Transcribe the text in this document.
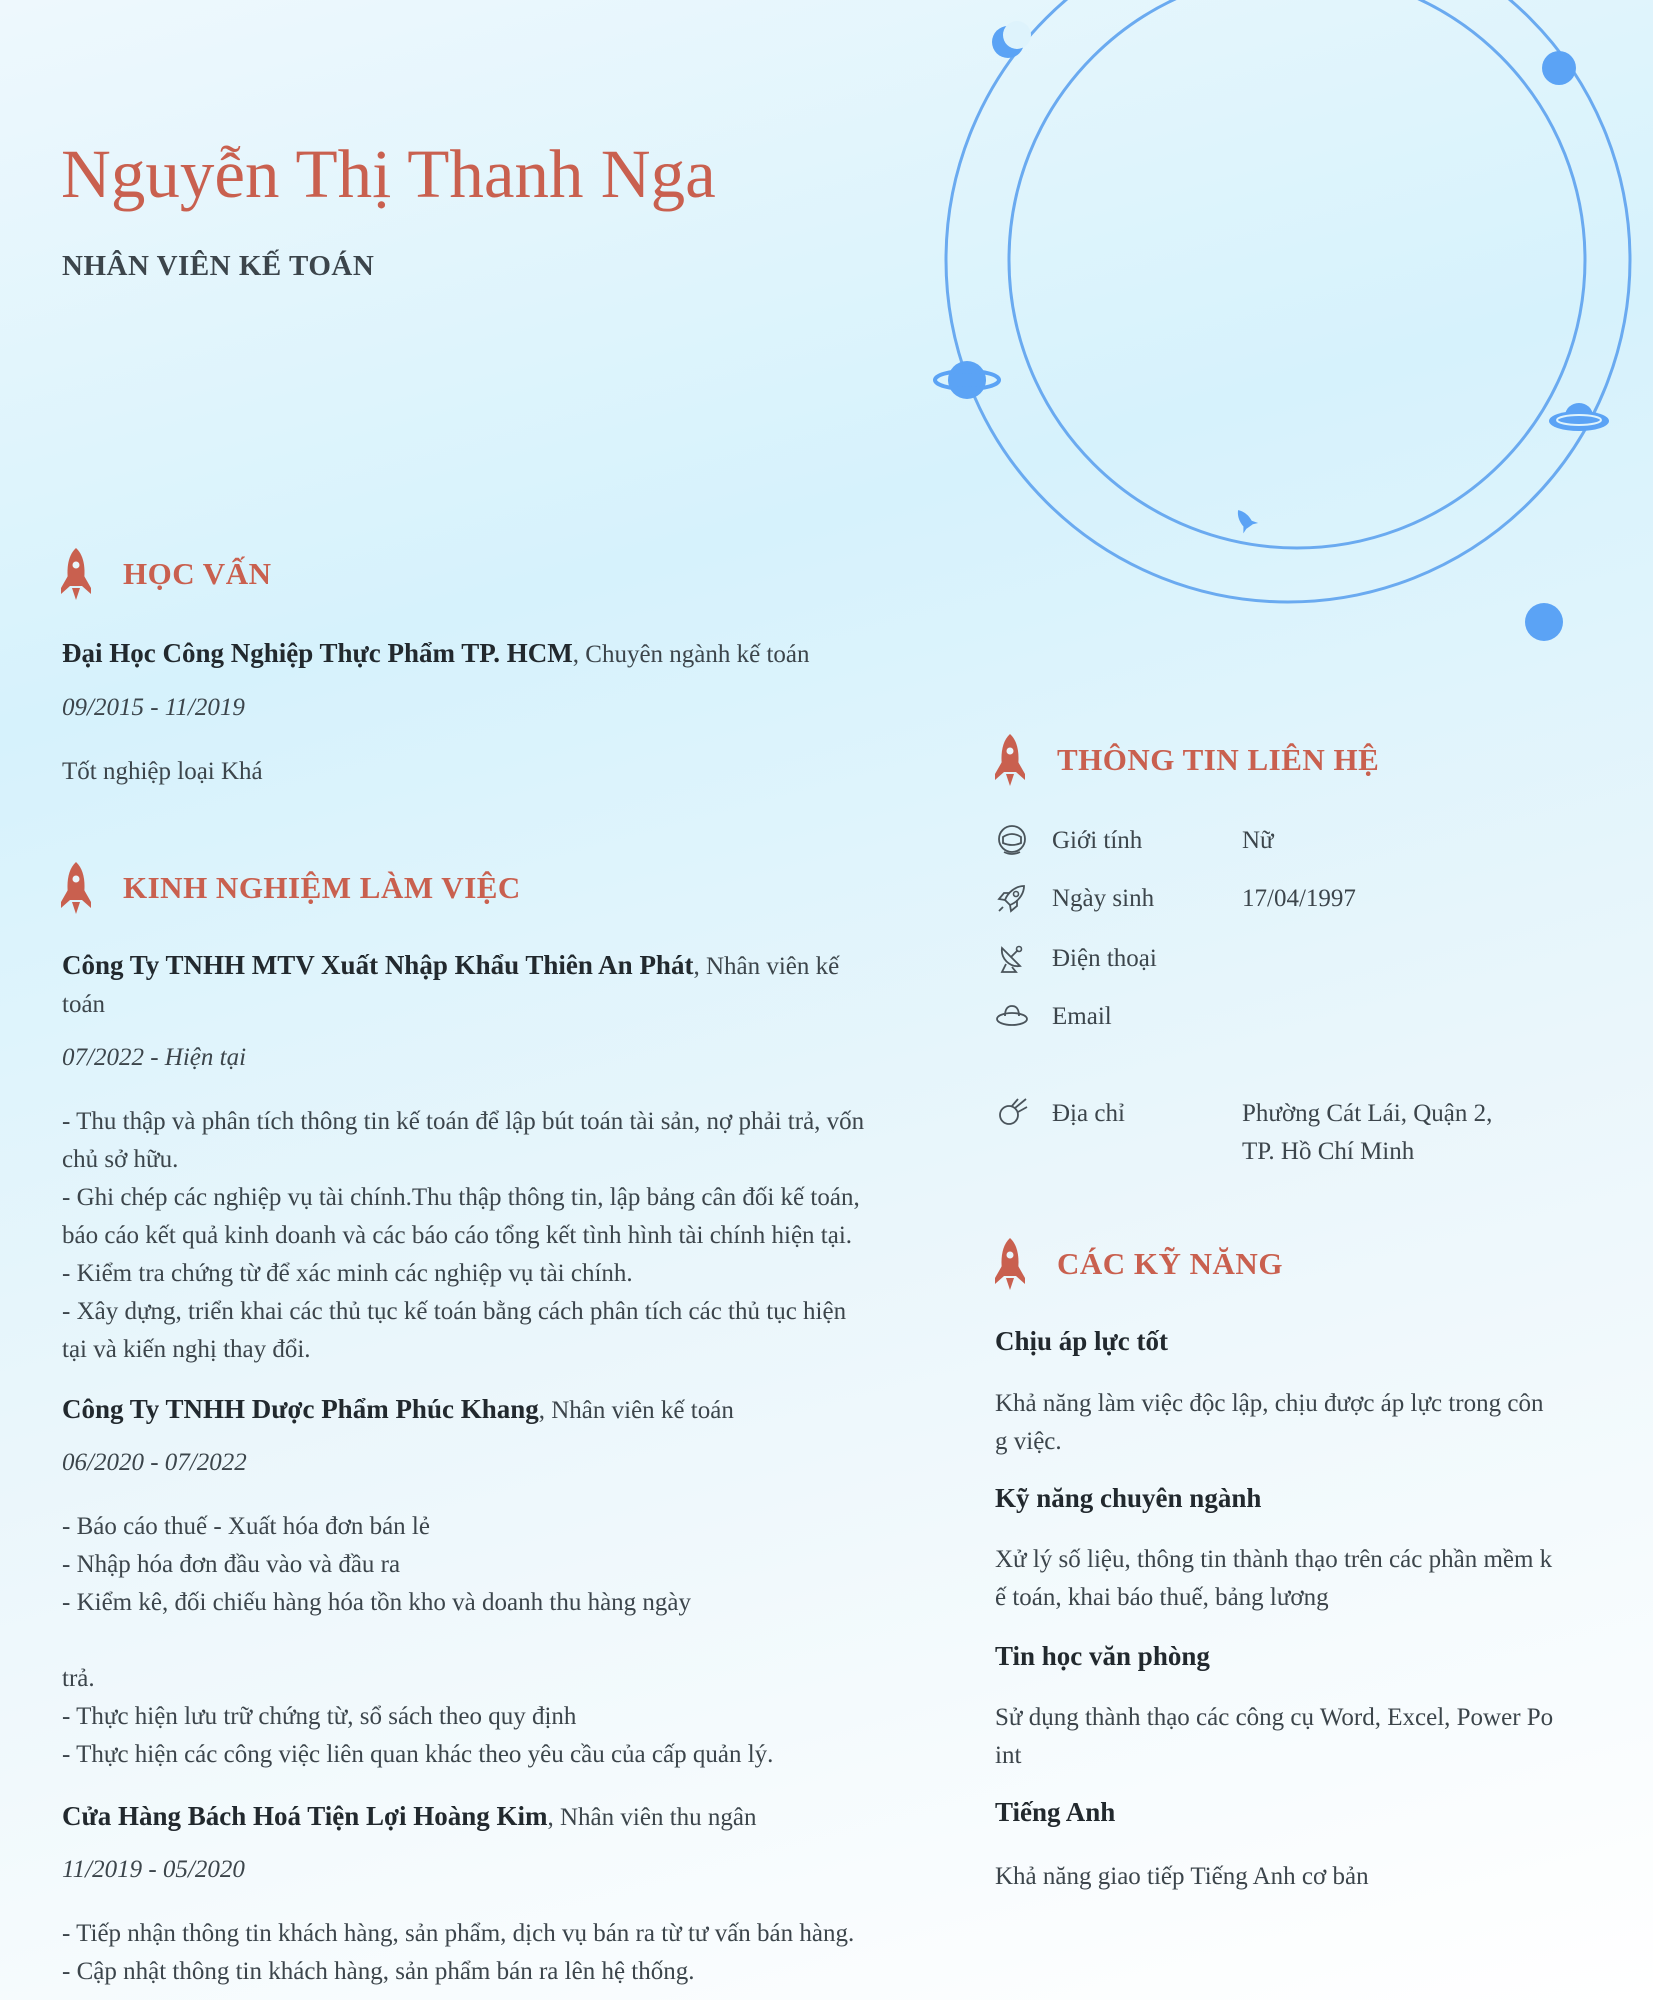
Nguyễn Thị Thanh Nga
NHÂN VIÊN KẾ TOÁN
HỌC VẤN
Đại Học Công Nghiệp Thực Phẩm TP. HCM, Chuyên ngành kế toán
09/2015 - 11/2019
Tốt nghiệp loại Khá
KINH NGHIỆM LÀM VIỆC
Công Ty TNHH MTV Xuất Nhập Khẩu Thiên An Phát, Nhân viên kế
toán
07/2022 - Hiện tại
- Thu thập và phân tích thông tin kế toán để lập bút toán tài sản, nợ phải trả, vốn
chủ sở hữu.
- Ghi chép các nghiệp vụ tài chính.Thu thập thông tin, lập bảng cân đối kế toán,
báo cáo kết quả kinh doanh và các báo cáo tổng kết tình hình tài chính hiện tại.
- Kiểm tra chứng từ để xác minh các nghiệp vụ tài chính.
- Xây dựng, triển khai các thủ tục kế toán bằng cách phân tích các thủ tục hiện
tại và kiến nghị thay đổi.
Công Ty TNHH Dược Phẩm Phúc Khang, Nhân viên kế toán
06/2020 - 07/2022
- Báo cáo thuế - Xuất hóa đơn bán lẻ
- Nhập hóa đơn đầu vào và đầu ra
- Kiểm kê, đối chiếu hàng hóa tồn kho và doanh thu hàng ngày
trả.
- Thực hiện lưu trữ chứng từ, sổ sách theo quy định
- Thực hiện các công việc liên quan khác theo yêu cầu của cấp quản lý.
Cửa Hàng Bách Hoá Tiện Lợi Hoàng Kim, Nhân viên thu ngân
11/2019 - 05/2020
- Tiếp nhận thông tin khách hàng, sản phẩm, dịch vụ bán ra từ tư vấn bán hàng.
- Cập nhật thông tin khách hàng, sản phẩm bán ra lên hệ thống.
THÔNG TIN LIÊN HỆ
Giới tính	Nữ
Ngày sinh	17/04/1997
Điện thoại
Email
Địa chỉ	Phường Cát Lái, Quận 2,
TP. Hồ Chí Minh
CÁC KỸ NĂNG
Chịu áp lực tốt
Khả năng làm việc độc lập, chịu được áp lực trong côn
g việc.
Kỹ năng chuyên ngành
Xử lý số liệu, thông tin thành thạo trên các phần mềm k
ế toán, khai báo thuế, bảng lương
Tin học văn phòng
Sử dụng thành thạo các công cụ Word, Excel, Power Po
int
Tiếng Anh
Khả năng giao tiếp Tiếng Anh cơ bản
